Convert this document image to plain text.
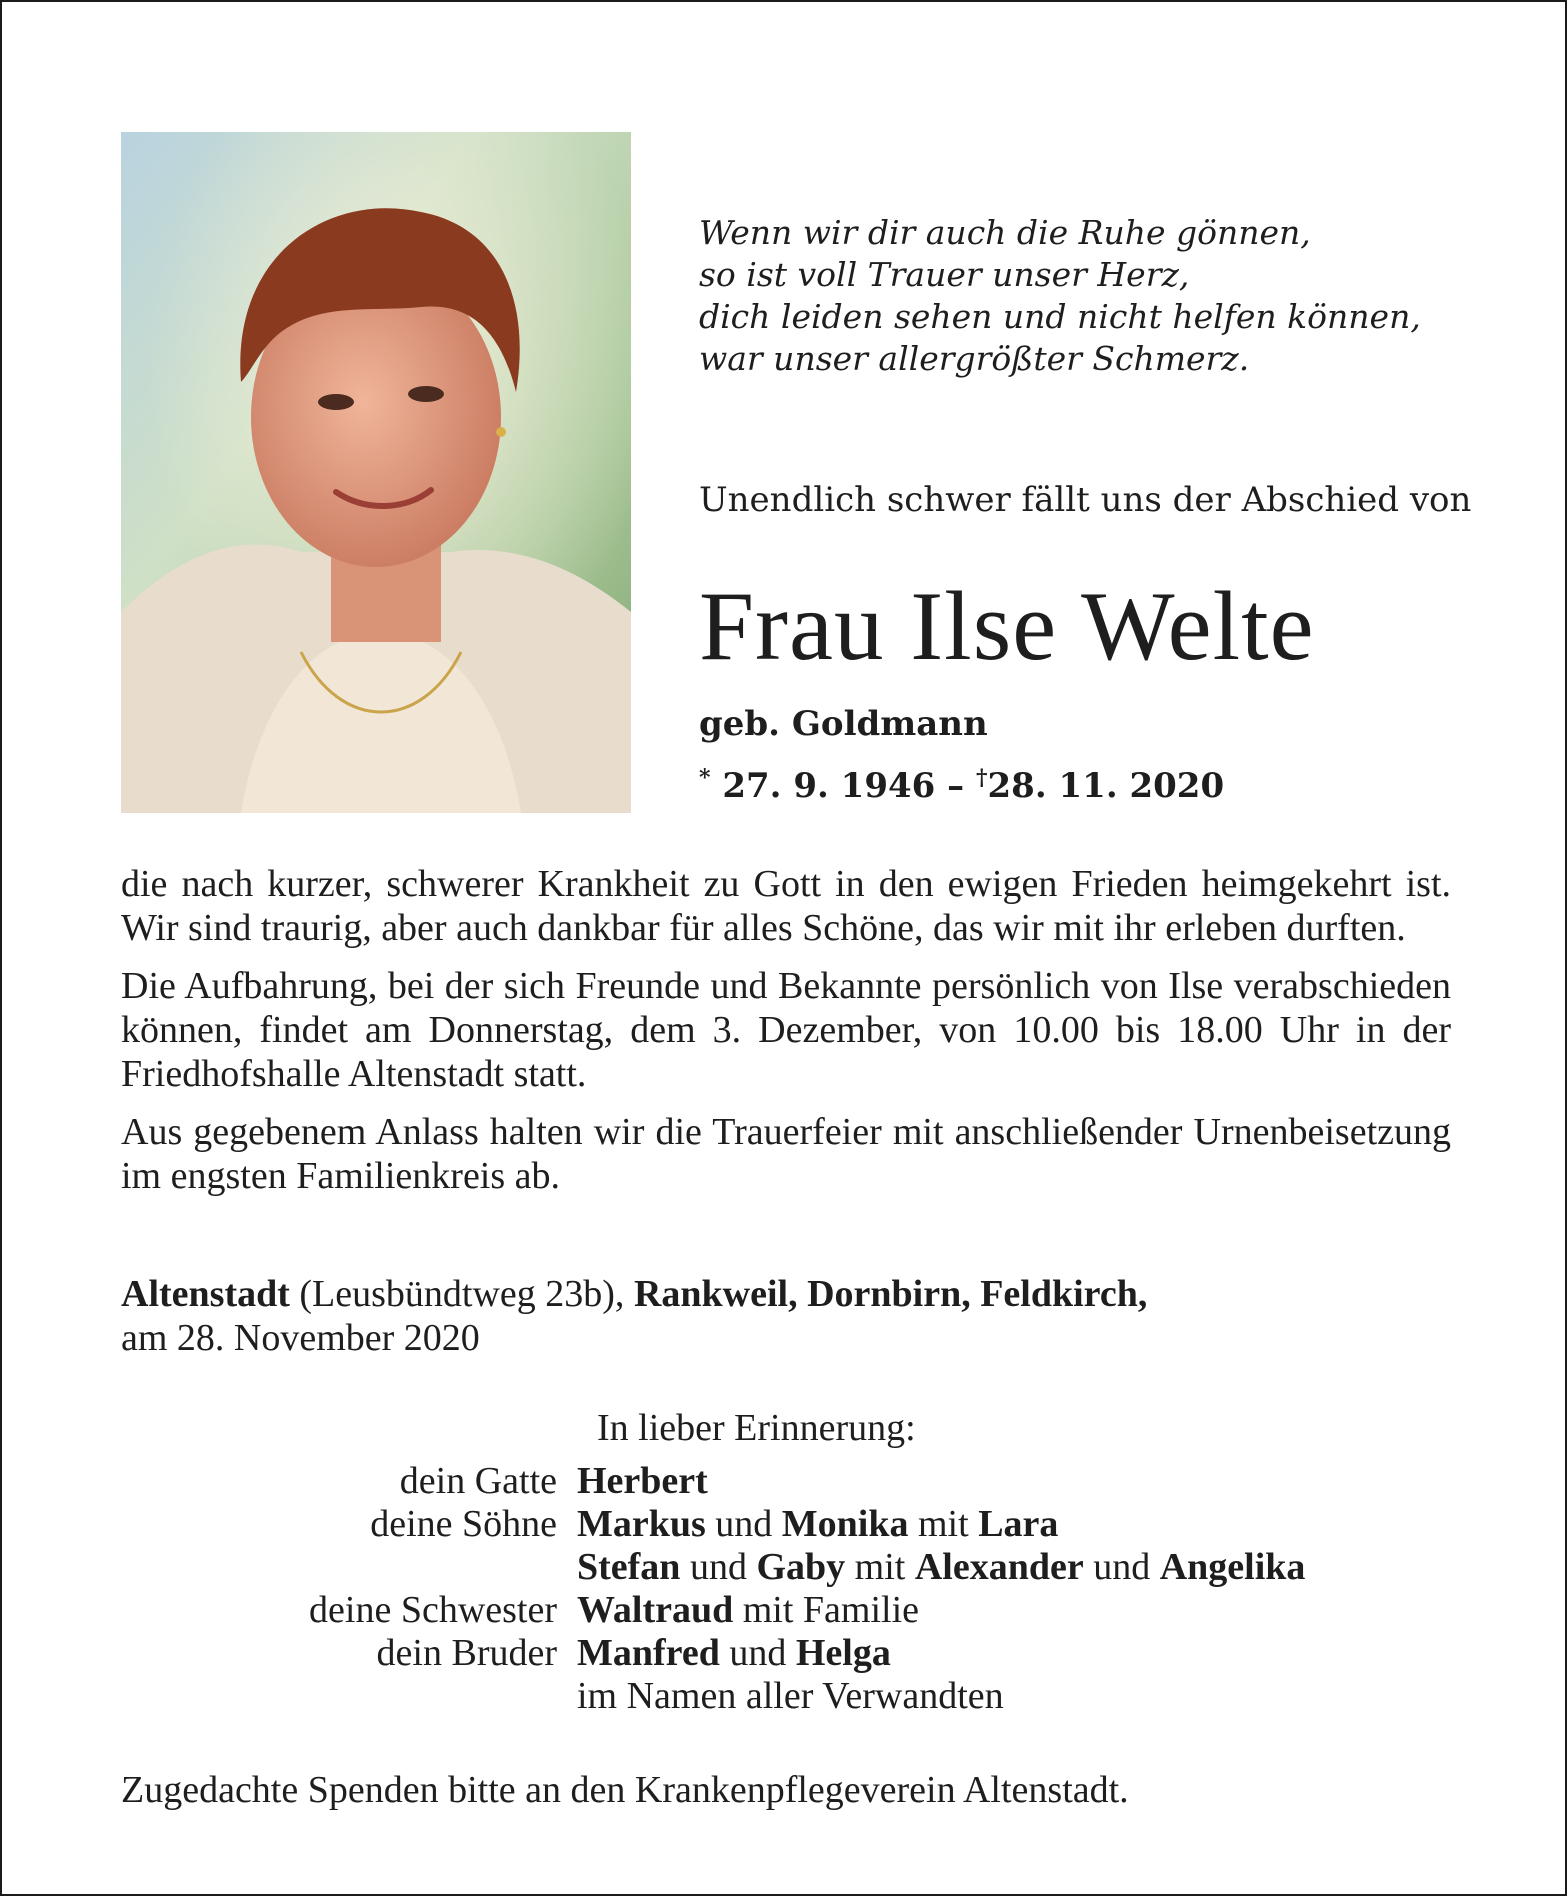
Wenn wir dir auch die Ruhe gönnen,
so ist voll Trauer unser Herz,
dich leiden sehen und nicht helfen können,
war unser allergrößter Schmerz.
Unendlich schwer fällt uns der Abschied von
Frau Ilse Welte
geb. Goldmann
* 27. 9. 1946 – †28. 11. 2020

die nach kurzer, schwerer Krankheit zu Gott in den ewigen Frieden heimgekehrt ist. Wir sind traurig, aber auch dankbar für alles Schöne, das wir mit ihr erleben durften.

Die Aufbahrung, bei der sich Freunde und Bekannte persönlich von Ilse verabschieden können, findet am Donnerstag, dem 3. Dezember, von 10.00 bis 18.00 Uhr in der Friedhofshalle Altenstadt statt.

Aus gegebenem Anlass halten wir die Trauerfeier mit anschließender Urnenbeisetzung im engsten Familienkreis ab.

Altenstadt (Leusbündtweg 23b), Rankweil, Dornbirn, Feldkirch,
am 28. November 2020
In lieber Erinnerung:
dein Gatte Herbert
deine Söhne Markus und Monika mit Lara
Stefan und Gaby mit Alexander und Angelika
deine Schwester Waltraud mit Familie
dein Bruder Manfred und Helga
im Namen aller Verwandten
Zugedachte Spenden bitte an den Krankenpflegeverein Altenstadt.
